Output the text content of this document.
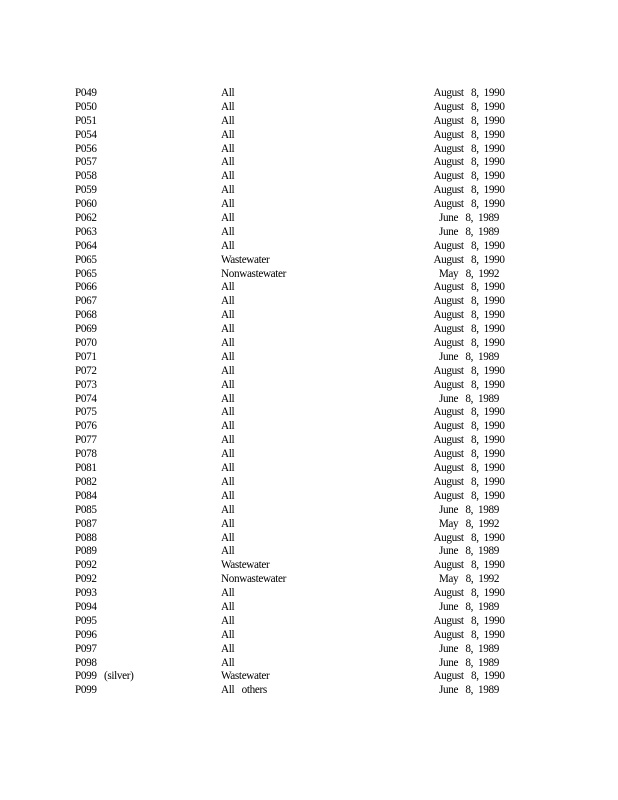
P049	All	August   8,  1990
P050	All	August   8,  1990
P051	All	August   8,  1990
P054	All	August   8,  1990
P056	All	August   8,  1990
P057	All	August   8,  1990
P058	All	August   8,  1990
P059	All	August   8,  1990
P060	All	August   8,  1990
P062	All	June   8,  1989
P063	All	June   8,  1989
P064	All	August   8,  1990
P065	Wastewater	August   8,  1990
P065	Nonwastewater	May   8,  1992
P066	All	August   8,  1990
P067	All	August   8,  1990
P068	All	August   8,  1990
P069	All	August   8,  1990
P070	All	August   8,  1990
P071	All	June   8,  1989
P072	All	August   8,  1990
P073	All	August   8,  1990
P074	All	June   8,  1989
P075	All	August   8,  1990
P076	All	August   8,  1990
P077	All	August   8,  1990
P078	All	August   8,  1990
P081	All	August   8,  1990
P082	All	August   8,  1990
P084	All	August   8,  1990
P085	All	June   8,  1989
P087	All	May   8,  1992
P088	All	August   8,  1990
P089	All	June   8,  1989
P092	Wastewater	August   8,  1990
P092	Nonwastewater	May   8,  1992
P093	All	August   8,  1990
P094	All	June   8,  1989
P095	All	August   8,  1990
P096	All	August   8,  1990
P097	All	June   8,  1989
P098	All	June   8,  1989
P099   (silver)	Wastewater	August   8,  1990
P099	All   others	June   8,  1989
